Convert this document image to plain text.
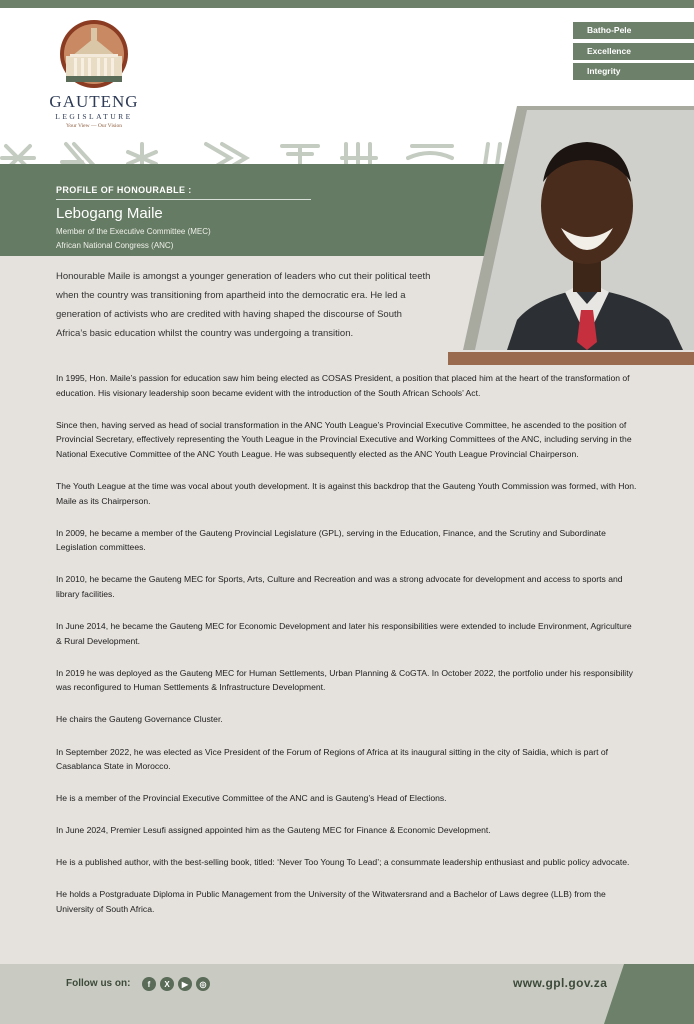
GAUTENG
LEGISLATURE
Your View — Our Vision
Batho-Pele
Excellence
Integrity
PROFILE OF HONOURABLE :
Lebogang Maile
Member of the Executive Committee (MEC)
African National Congress (ANC)
Honourable Maile is amongst a younger generation of leaders who cut their political teeth when the country was transitioning from apartheid into the democratic era. He led a generation of activists who are credited with having shaped the discourse of South Africa’s basic education whilst the country was undergoing a transition.

In 1995, Hon. Maile’s passion for education saw him being elected as COSAS President, a position that placed him at the heart of the transformation of education. His visionary leadership soon became evident with the introduction of the South African Schools’ Act.

Since then, having served as head of social transformation in the ANC Youth League’s Provincial Executive Committee, he ascended to the position of Provincial Secretary, effectively representing the Youth League in the Provincial Executive and Working Committees of the ANC, including serving in the National Executive Committee of the ANC Youth League. He was subsequently elected as the ANC Youth League Provincial Chairperson.

The Youth League at the time was vocal about youth development. It is against this backdrop that the Gauteng Youth Commission was formed, with Hon. Maile as its Chairperson.

In 2009, he became a member of the Gauteng Provincial Legislature (GPL), serving in the Education, Finance, and the Scrutiny and Subordinate Legislation committees.

In 2010, he became the Gauteng MEC for Sports, Arts, Culture and Recreation and was a strong advocate for development and access to sports and library facilities.

In June 2014, he became the Gauteng MEC for Economic Development and later his responsibilities were extended to include Environment, Agriculture & Rural Development.

In 2019 he was deployed as the Gauteng MEC for Human Settlements, Urban Planning & CoGTA. In October 2022, the portfolio under his responsibility was reconfigured to Human Settlements & Infrastructure Development.

He chairs the Gauteng Governance Cluster.

In September 2022, he was elected as Vice President of the Forum of Regions of Africa at its inaugural sitting in the city of Saidia, which is part of Casablanca State in Morocco.

He is a member of the Provincial Executive Committee of the ANC and is Gauteng’s Head of Elections.

In June 2024, Premier Lesufi assigned appointed him as the Gauteng MEC for Finance & Economic Development.

He is a published author, with the best-selling book, titled: ‘Never Too Young To Lead’; a consummate leadership enthusiast and public policy advocate.

He holds a Postgraduate Diploma in Public Management from the University of the Witwatersrand and a Bachelor of Laws degree (LLB) from the University of South Africa.

Follow us on:	f	X	▶	◎	www.gpl.gov.za
